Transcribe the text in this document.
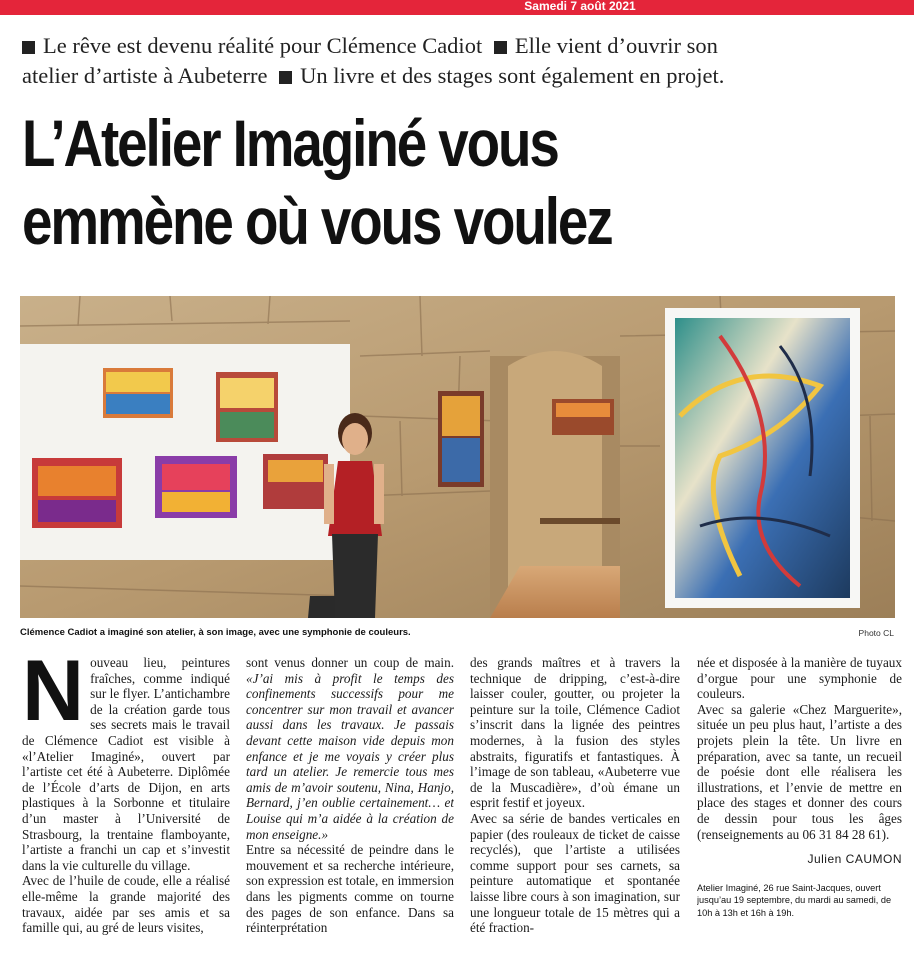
Samedi 7 août 2021
Le rêve est devenu réalité pour Clémence Cadiot Elle vient d’ouvrir son
atelier d’artiste à Aubeterre Un livre et des stages sont également en projet.
L’Atelier Imaginé vous
emmène où vous voulez
Clémence Cadiot a imaginé son atelier, à son image, avec une symphonie de couleurs.	Photo CL
N ouveau lieu, peintures fraîches, comme indiqué sur le flyer. L’antichambre de la création garde tous ses secrets mais le travail de Clémence Cadiot est visible à «l’Atelier Imaginé», ouvert par l’artiste cet été à Aubeterre. Diplômée de l’École d’arts de Dijon, en arts plastiques à la Sorbonne et titulaire d’un master à l’Université de Strasbourg, la trentaine flamboyante, l’artiste a franchi un cap et s’investit dans la vie culturelle du village.

Avec de l’huile de coude, elle a réalisé elle-même la grande majorité des travaux, aidée par ses amis et sa famille qui, au gré de leurs visites,

sont venus donner un coup de main. «J’ai mis à profit le temps des confinements successifs pour me concentrer sur mon travail et avancer aussi dans les travaux. Je passais devant cette maison vide depuis mon enfance et je me voyais y créer plus tard un atelier. Je remercie tous mes amis de m’avoir soutenu, Nina, Hanjo, Bernard, j’en oublie certainement… et Louise qui m’a aidée à la création de mon enseigne.»

Entre sa nécessité de peindre dans le mouvement et sa recherche intérieure, son expression est totale, en immersion dans les pigments comme on tourne des pages de son enfance. Dans sa réinterprétation

des grands maîtres et à travers la technique de dripping, c’est-à-dire laisser couler, goutter, ou projeter la peinture sur la toile, Clémence Cadiot s’inscrit dans la lignée des peintres modernes, à la fusion des styles abstraits, figuratifs et fantastiques. À l’image de son tableau, «Aubeterre vue de la Muscadière», d’où émane un esprit festif et joyeux.

Avec sa série de bandes verticales en papier (des rouleaux de ticket de caisse recyclés), que l’artiste a utilisées comme support pour ses carnets, sa peinture automatique et spontanée laisse libre cours à son imagination, sur une longueur totale de 15 mètres qui a été fraction-

née et disposée à la manière de tuyaux d’orgue pour une symphonie de couleurs.

Avec sa galerie «Chez Marguerite», située un peu plus haut, l’artiste a des projets plein la tête. Un livre en préparation, avec sa tante, un recueil de poésie dont elle réalisera les illustrations, et l’envie de mettre en place des stages et donner des cours de dessin pour tous les âges (renseignements au 06 31 84 28 61).

Julien CAUMON
Atelier Imaginé, 26 rue Saint-Jacques, ouvert jusqu’au 19 septembre, du mardi au samedi, de 10h à 13h et 16h à 19h.
